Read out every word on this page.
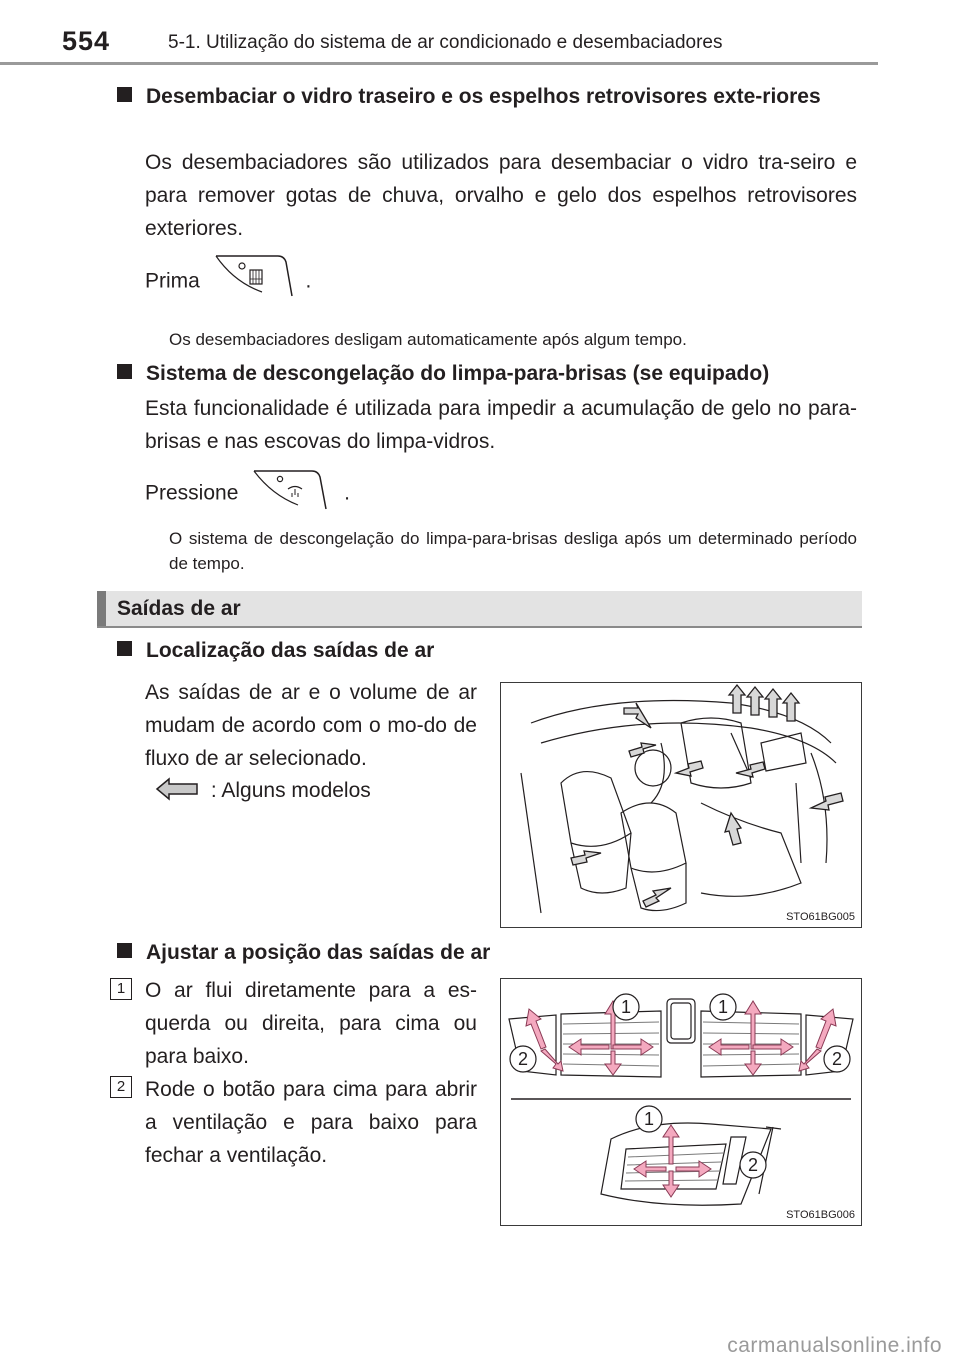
554	5-1. Utilização do sistema de ar condicionado e desembaciadores
Desembaciar o vidro traseiro e os espelhos retrovisores exte-riores
Os desembaciadores são utilizados para desembaciar o vidro tra-seiro e para remover gotas de chuva, orvalho e gelo dos espelhos retrovisores exteriores.
Prima	.
Os desembaciadores desligam automaticamente após algum tempo.
Sistema de descongelação do limpa-para-brisas (se equipado)
Esta funcionalidade é utilizada para impedir a acumulação de gelo no para-brisas e nas escovas do limpa-vidros.
Pressione	.
O sistema de descongelação do limpa-para-brisas desliga após um determinado período de tempo.
Saídas de ar
Localização das saídas de ar
As saídas de ar e o volume de ar mudam de acordo com o mo-do de fluxo de ar selecionado.
: Alguns modelos
STO61BG005
Ajustar a posição das saídas de ar
1 O ar flui diretamente para a es-querda ou direita, para cima ou para baixo.
2 Rode o botão para cima para abrir a ventilação e para baixo para fechar a ventilação.
1	1
2	2
1
2
STO61BG006
carmanualsonline.info
